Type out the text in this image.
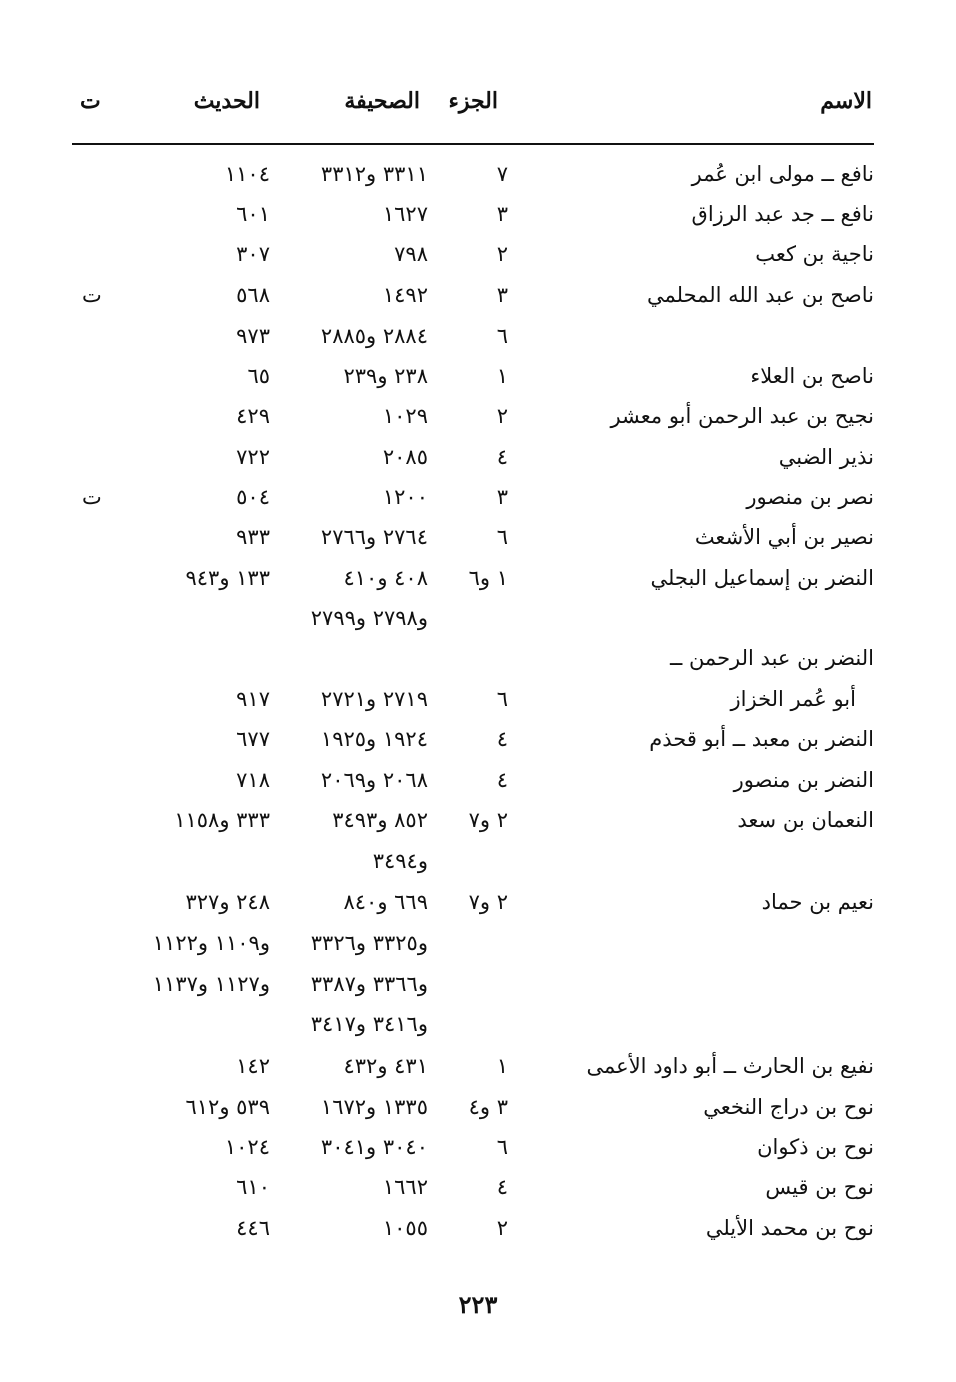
الاسم
الجزء
الصحيفة
الحديث
ت
نافع ــ مولى ابن عُمر
٧
٣٣١١ و٣٣١٢
١١٠٤
نافع ــ جد عبد الرزاق
٣
١٦٢٧
٦٠١
ناجية بن كعب
٢
٧٩٨
٣٠٧
ناصح بن عبد الله المحلمي
٣
١٤٩٢
٥٦٨
ت
٦
٢٨٨٤ و٢٨٨٥
٩٧٣
ناصح بن العلاء
١
٢٣٨ و٢٣٩
٦٥
نجيح بن عبد الرحمن أبو معشر
٢
١٠٢٩
٤٢٩
نذير الضبي
٤
٢٠٨٥
٧٢٢
نصر بن منصور
٣
١٢٠٠
٥٠٤
ت
نصير بن أبي الأشعث
٦
٢٧٦٤ و٢٧٦٦
٩٣٣
النضر بن إسماعيل البجلي
١ و٦
٤٠٨ و٤١٠
١٣٣ و٩٤٣
و٢٧٩٨ و٢٧٩٩
النضر بن عبد الرحمن ــ
أبو عُمر الخزاز
٦
٢٧١٩ و٢٧٢١
٩١٧
النضر بن معبد ــ أبو قحذم
٤
١٩٢٤ و١٩٢٥
٦٧٧
النضر بن منصور
٤
٢٠٦٨ و٢٠٦٩
٧١٨
النعمان بن سعد
٢ و٧
٨٥٢ و٣٤٩٣
٣٣٣ و١١٥٨
و٣٤٩٤
نعيم بن حماد
٢ و٧
٦٦٩ و٨٤٠
٢٤٨ و٣٢٧
و٣٣٢٥ و٣٣٢٦
و١١٠٩ و١١٢٢
و٣٣٦٦ و٣٣٨٧
و١١٢٧ و١١٣٧
و٣٤١٦ و٣٤١٧
نفيع بن الحارث ــ أبو داود الأعمى
١
٤٣١ و٤٣٢
١٤٢
نوح بن دراج النخعي
٣ و٤
١٣٣٥ و١٦٧٢
٥٣٩ و٦١٢
نوح بن ذكوان
٦
٣٠٤٠ و٣٠٤١
١٠٢٤
نوح بن قيس
٤
١٦٦٢
٦١٠
نوح بن محمد الأيلي
٢
١٠٥٥
٤٤٦
٢٢٣
